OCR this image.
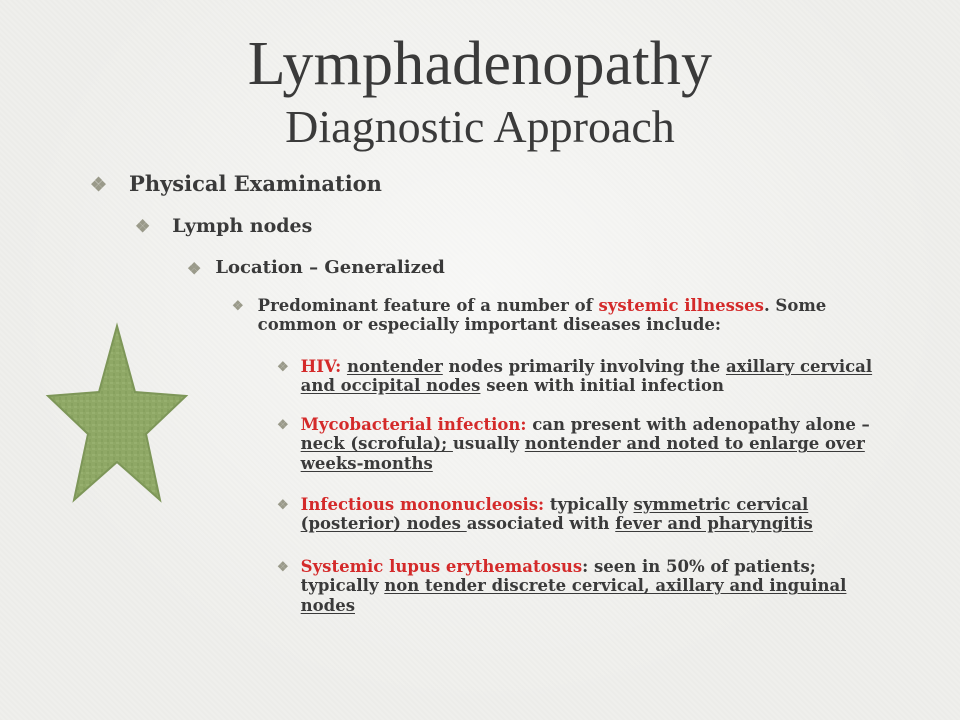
Lymphadenopathy
Diagnostic Approach
❖ Physical Examination
❖ Lymph nodes
❖ Location – Generalized
❖ Predominant feature of a number of systemic illnesses. Some common or especially important diseases include:
❖ HIV: nontender nodes primarily involving the axillary cervical and occipital nodes seen with initial infection
❖ Mycobacterial infection: can present with adenopathy alone – neck (scrofula); usually nontender and noted to enlarge over weeks-months
❖ Infectious mononucleosis: typically symmetric cervical (posterior) nodes associated with fever and pharyngitis
❖ Systemic lupus erythematosus: seen in 50% of patients; typically non tender discrete cervical, axillary and inguinal nodes
